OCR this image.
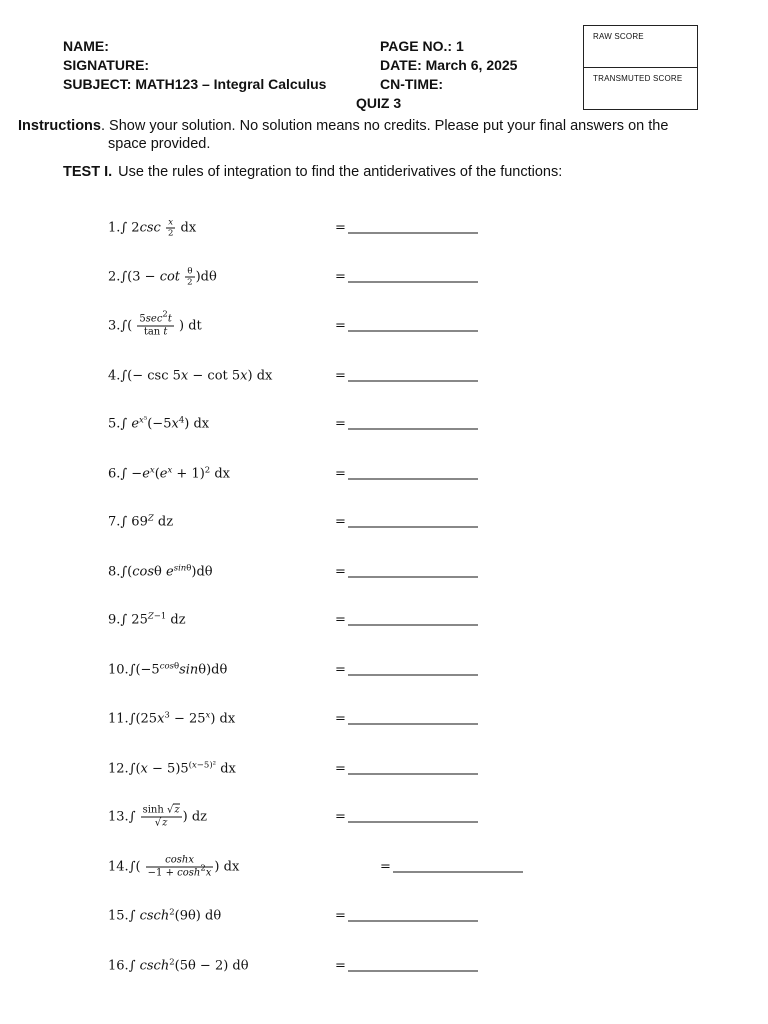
NAME:
SIGNATURE:
SUBJECT: MATH123 – Integral Calculus
PAGE NO.: 1
DATE: March 6, 2025
CN-TIME:
QUIZ 3
RAW SCORE
TRANSMUTED SCORE
Instructions. Show your solution. No solution means no credits. Please put your final answers on the
space provided.
TEST I. Use the rules of integration to find the antiderivatives of the functions:
1.∫ $2\csc \frac{x}{2}$ dx	=
$2.\int(3 - \cot \frac{\theta}{2} )d\theta$	=
$3.\int( \frac{5\sec^2t}{\text{tan t}}$ ) dt	=
4.∫(− csc 5x − cot 5x) dx	=
5.∫ $e^{x^5}(-5x^4)$ dx	=
$6.\int -e^x(e^x + 1)^2$ dx	=
7.∫ $69^Z$ dz	=
8.∫(cosθ $e^{sin\theta})d\theta$	=
9.∫ $25^{Z-1}$ dz	=
$10.\int(-5^{cos\theta}\sin\theta)d\theta$	=
$11.\int(25x^3 - 25^x)$ dx	=
$12.\int(x - 5)5^{(x-5)^2}$ dx	=
$13.\int \frac{\sinh √z}{√z}$ ) dz	=
$14.\int( \frac{\cosh x}{-1 + \cosh^2x}$ ) dx	=
15.∫ csch$^2$(9θ) dθ	=
16.∫ csch$^2$(5θ − 2) dθ	=
